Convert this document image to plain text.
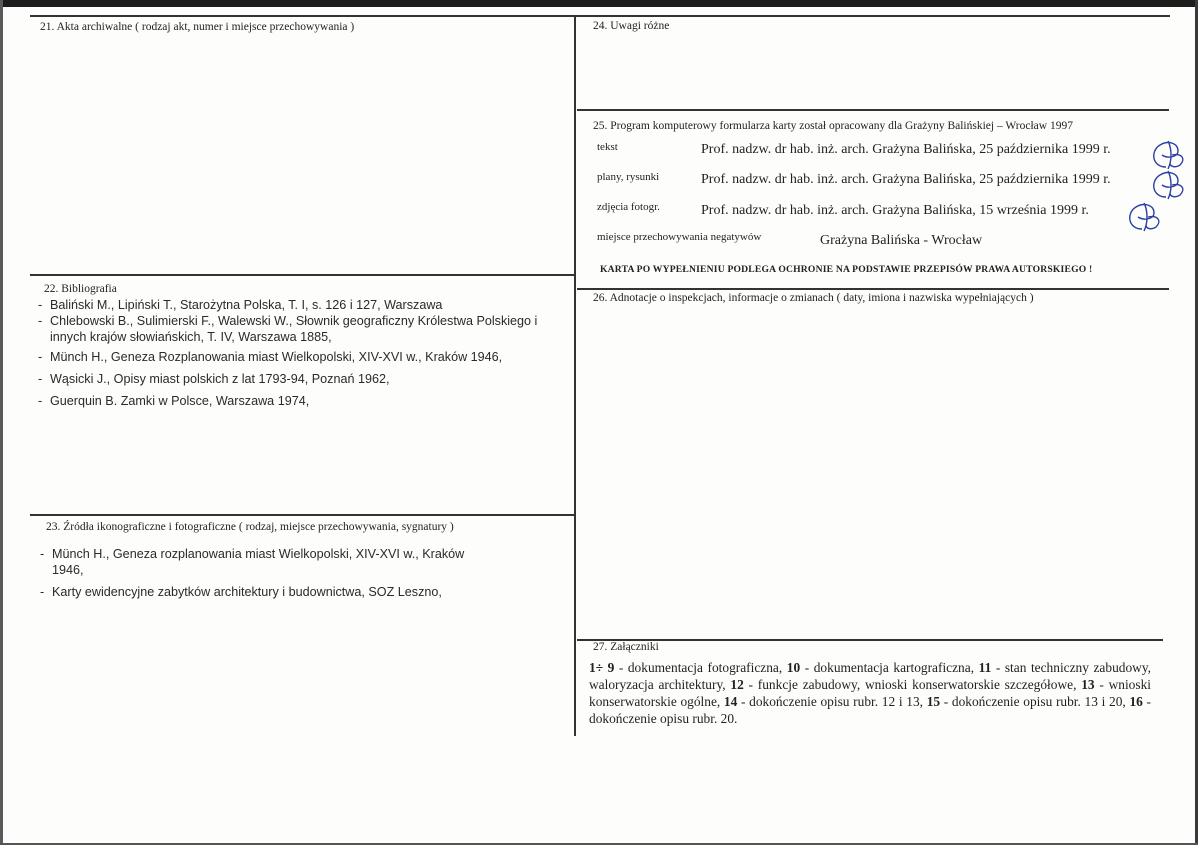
21. Akta archiwalne ( rodzaj akt, numer i miejsce przechowywania )	24. Uwagi różne
25. Program komputerowy formularza karty został opracowany dla Grażyny Balińskiej – Wrocław 1997
tekst	Prof. nadzw. dr hab. inż. arch. Grażyna Balińska, 25 października 1999 r.
plany, rysunki	Prof. nadzw. dr hab. inż. arch. Grażyna Balińska, 25 października 1999 r.
zdjęcia fotogr.	Prof. nadzw. dr hab. inż. arch. Grażyna Balińska, 15 września 1999 r.
miejsce przechowywania negatywów	Grażyna Balińska - Wrocław
KARTA PO WYPEŁNIENIU PODLEGA OCHRONIE NA PODSTAWIE PRZEPISÓW PRAWA AUTORSKIEGO !
22. Bibliografia
- Baliński M., Lipiński T., Starożytna Polska, T. I, s. 126 i 127, Warszawa
- Chlebowski B., Sulimierski F., Walewski W., Słownik geograficzny Królestwa Polskiego i innych krajów słowiańskich, T. IV, Warszawa 1885,
- Münch H., Geneza Rozplanowania miast Wielkopolski, XIV-XVI w., Kraków 1946,
- Wąsicki J., Opisy miast polskich z lat 1793-94, Poznań 1962,
- Guerquin B. Zamki w Polsce, Warszawa 1974,
26. Adnotacje o inspekcjach, informacje o zmianach ( daty, imiona i nazwiska wypełniających )
23. Źródła ikonograficzne i fotograficzne ( rodzaj, miejsce przechowywania, sygnatury )
- Münch H., Geneza rozplanowania miast Wielkopolski, XIV-XVI w., Kraków 1946,
- Karty ewidencyjne zabytków architektury i budownictwa, SOZ Leszno,
27. Załączniki
1÷ 9 - dokumentacja fotograficzna, 10 - dokumentacja kartograficzna, 11 - stan techniczny zabudowy, waloryzacja architektury, 12 - funkcje zabudowy, wnioski konserwatorskie szczegółowe, 13 - wnioski konserwatorskie ogólne, 14 - dokończenie opisu rubr. 12 i 13, 15 - dokończenie opisu rubr. 13 i 20, 16 - dokończenie opisu rubr. 20.
